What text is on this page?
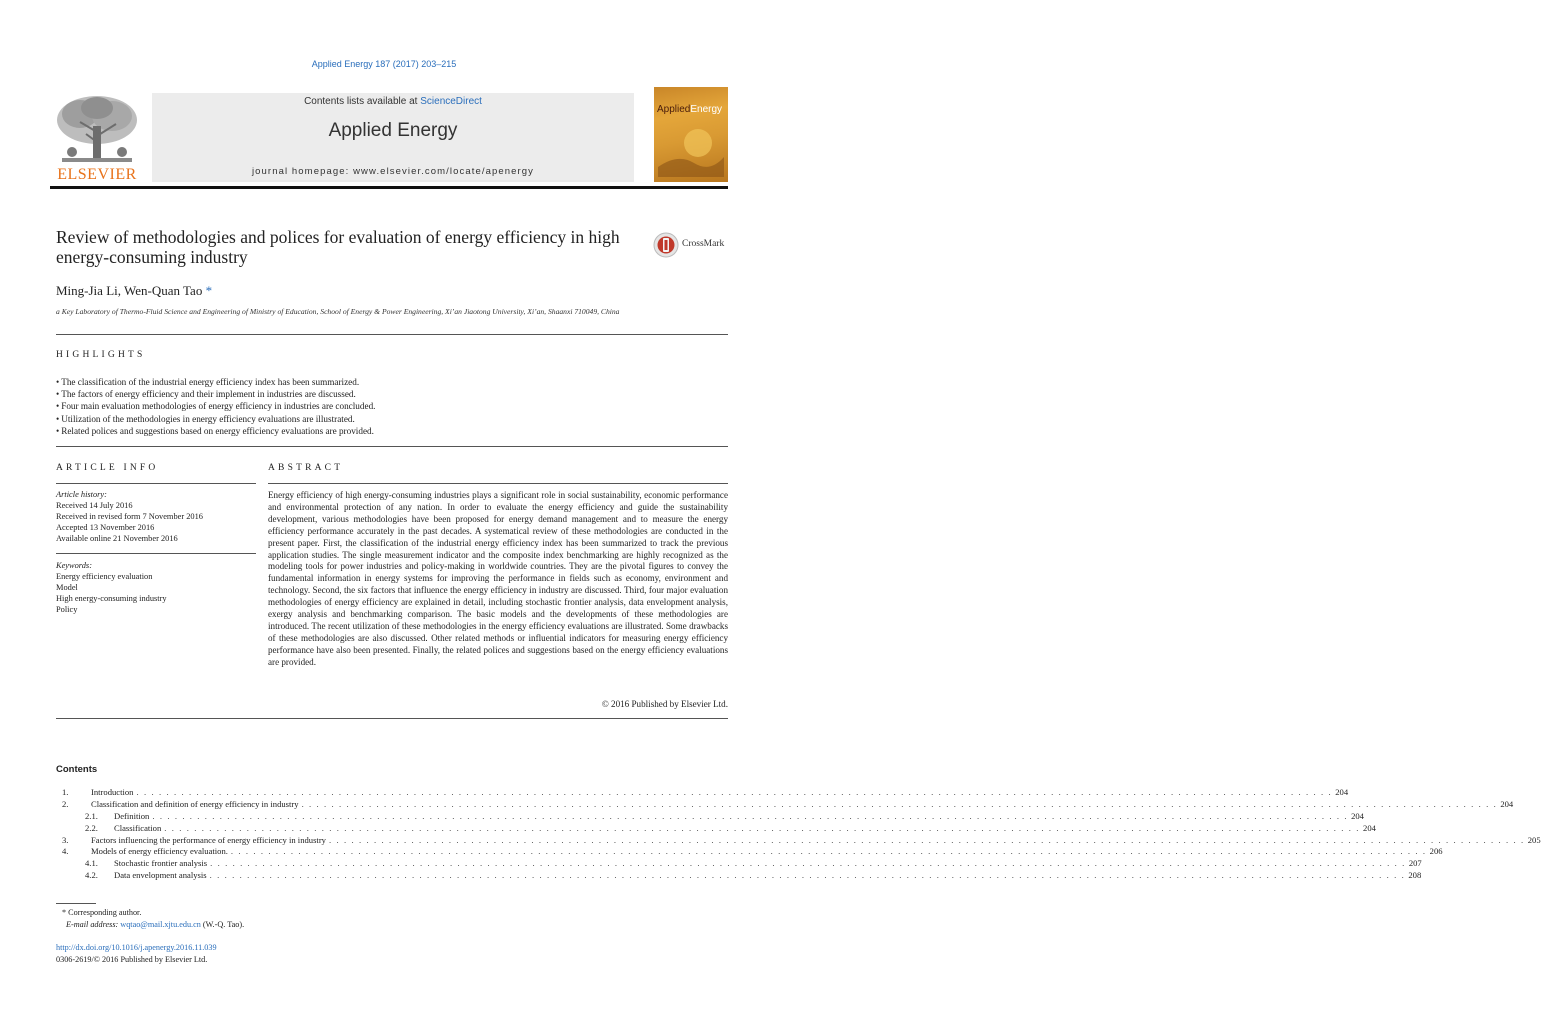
Applied Energy 187 (2017) 203–215
ELSEVIER
Contents lists available at ScienceDirect
Applied Energy
journal homepage: www.elsevier.com/locate/apenergy
AppliedEnergy
Review of methodologies and polices for evaluation of energy efficiency in high energy-consuming industry
CrossMark
Ming-Jia Li, Wen-Quan Tao *
a Key Laboratory of Thermo-Fluid Science and Engineering of Ministry of Education, School of Energy & Power Engineering, Xi’an Jiaotong University, Xi’an, Shaanxi 710049, China
HIGHLIGHTS
• The classification of the industrial energy efficiency index has been summarized.
• The factors of energy efficiency and their implement in industries are discussed.
• Four main evaluation methodologies of energy efficiency in industries are concluded.
• Utilization of the methodologies in energy efficiency evaluations are illustrated.
• Related polices and suggestions based on energy efficiency evaluations are provided.
ARTICLE INFO
Article history:
Received 14 July 2016
Received in revised form 7 November 2016
Accepted 13 November 2016
Available online 21 November 2016
Keywords:
Energy efficiency evaluation
Model
High energy-consuming industry
Policy
ABSTRACT

Energy efficiency of high energy-consuming industries plays a significant role in social sustainability, economic performance and environmental protection of any nation. In order to evaluate the energy efficiency and guide the sustainability development, various methodologies have been proposed for energy demand management and to measure the energy efficiency performance accurately in the past decades. A systematical review of these methodologies are conducted in the present paper. First, the classification of the industrial energy efficiency index has been summarized to track the previous application studies. The single measurement indicator and the composite index benchmarking are highly recognized as the modeling tools for power industries and policy-making in worldwide countries. They are the pivotal figures to convey the fundamental information in energy systems for improving the performance in fields such as economy, environment and technology. Second, the six factors that influence the energy efficiency in industry are discussed. Third, four major evaluation methodologies of energy efficiency are explained in detail, including stochastic frontier analysis, data envelopment analysis, exergy analysis and benchmarking comparison. The basic models and the developments of these methodologies are introduced. The recent utilization of these methodologies in the energy efficiency evaluations are illustrated. Some drawbacks of these methodologies are also discussed. Other related methods or influential indicators for measuring energy efficiency performance have also been presented. Finally, the related polices and suggestions based on the energy efficiency evaluations are provided.

© 2016 Published by Elsevier Ltd.
Contents
1.	Introduction . . . . . . . . . . . . . . . . . . . . . . . . . . . . . . . . . . . . . . . . . . . . . . . . . . . . . . . . . . . . . . . . . . . . . . . . . . . . . . . . . . . . . . . . . . . . . . . . . . . . . . . . . . . . . . . . . . . . . . . . . . . . . . . . . . . . . . . . . . . . . . . . . . . . . . . . . . . . . . . . 204
2.	Classification and definition of energy efficiency in industry . . . . . . . . . . . . . . . . . . . . . . . . . . . . . . . . . . . . . . . . . . . . . . . . . . . . . . . . . . . . . . . . . . . . . . . . . . . . . . . . . . . . . . . . . . . . . . . . . . . . . . . . . . . . . . . . . . . . . . . . . . . . . . . . . . . . . . . . . . . . . . . . . . . . . . . . . . . . . . . . 204
2.1.	Definition . . . . . . . . . . . . . . . . . . . . . . . . . . . . . . . . . . . . . . . . . . . . . . . . . . . . . . . . . . . . . . . . . . . . . . . . . . . . . . . . . . . . . . . . . . . . . . . . . . . . . . . . . . . . . . . . . . . . . . . . . . . . . . . . . . . . . . . . . . . . . . . . . . . . . . . . . . . . . . . . 204
2.2.	Classification . . . . . . . . . . . . . . . . . . . . . . . . . . . . . . . . . . . . . . . . . . . . . . . . . . . . . . . . . . . . . . . . . . . . . . . . . . . . . . . . . . . . . . . . . . . . . . . . . . . . . . . . . . . . . . . . . . . . . . . . . . . . . . . . . . . . . . . . . . . . . . . . . . . . . . . . . . . . . . . . 204
3.	Factors influencing the performance of energy efficiency in industry . . . . . . . . . . . . . . . . . . . . . . . . . . . . . . . . . . . . . . . . . . . . . . . . . . . . . . . . . . . . . . . . . . . . . . . . . . . . . . . . . . . . . . . . . . . . . . . . . . . . . . . . . . . . . . . . . . . . . . . . . . . . . . . . . . . . . . . . . . . . . . . . . . . . . . . . . . . . . . . . 205
4.	Models of energy efficiency evaluation. . . . . . . . . . . . . . . . . . . . . . . . . . . . . . . . . . . . . . . . . . . . . . . . . . . . . . . . . . . . . . . . . . . . . . . . . . . . . . . . . . . . . . . . . . . . . . . . . . . . . . . . . . . . . . . . . . . . . . . . . . . . . . . . . . . . . . . . . . . . . . . . . . . . . . . . . . . . . . . . . 206
4.1.	Stochastic frontier analysis . . . . . . . . . . . . . . . . . . . . . . . . . . . . . . . . . . . . . . . . . . . . . . . . . . . . . . . . . . . . . . . . . . . . . . . . . . . . . . . . . . . . . . . . . . . . . . . . . . . . . . . . . . . . . . . . . . . . . . . . . . . . . . . . . . . . . . . . . . . . . . . . . . . . . . . . . . . . . . . . 207
4.2.	Data envelopment analysis . . . . . . . . . . . . . . . . . . . . . . . . . . . . . . . . . . . . . . . . . . . . . . . . . . . . . . . . . . . . . . . . . . . . . . . . . . . . . . . . . . . . . . . . . . . . . . . . . . . . . . . . . . . . . . . . . . . . . . . . . . . . . . . . . . . . . . . . . . . . . . . . . . . . . . . . . . . . . . . . 208
* Corresponding author.
E-mail address: wqtao@mail.xjtu.edu.cn (W.-Q. Tao).
http://dx.doi.org/10.1016/j.apenergy.2016.11.039
0306-2619/© 2016 Published by Elsevier Ltd.
